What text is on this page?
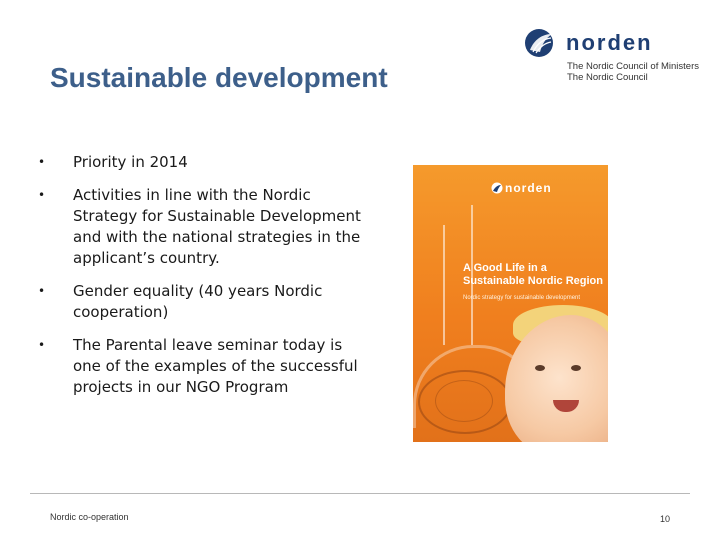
Sustainable development
norden
The Nordic Council of Ministers The Nordic Council
• Priority in 2014
• Activities in line with the Nordic Strategy for Sustainable Development and with the national strategies in the applicant’s country.
• Gender equality (40 years Nordic cooperation)
• The Parental leave seminar today is one of the examples of the successful projects in our NGO Program
norden
A Good Life in a Sustainable Nordic Region
Nordic strategy for sustainable development
Nordic co-operation	10
